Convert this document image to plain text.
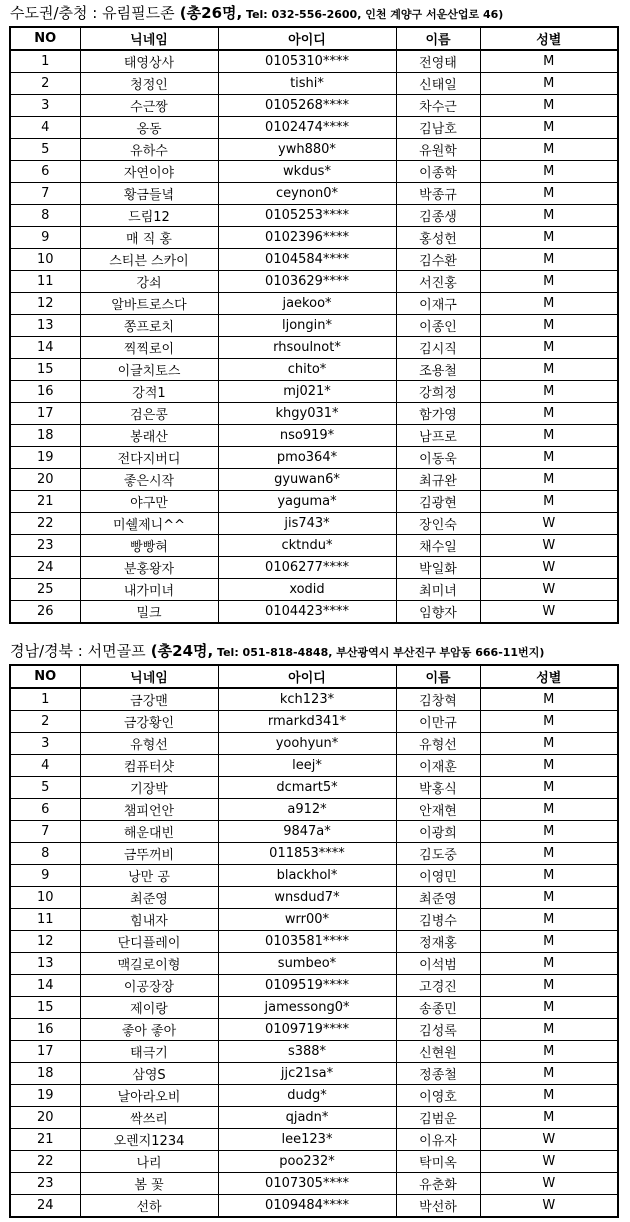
수도권/충청 : 유림필드존 (총26명, Tel: 032-556-2600, 인천 계양구 서운산업로 46)
NO	닉네임	아이디	이름	성별
1	태영상사	0105310****	전영태	M
2	청정인	tishi*	신태일	M
3	수근짱	0105268****	차수근	M
4	옹동	0102474****	김남호	M
5	유하수	ywh880*	유원학	M
6	자연이야	wkdus*	이종학	M
7	황금들녘	ceynon0*	박종규	M
8	드림12	0105253****	김종생	M
9	매 직 홍	0102396****	홍성헌	M
10	스티븐 스카이	0104584****	김수환	M
11	강쇠	0103629****	서진홍	M
12	알바트로스다	jaekoo*	이재구	M
13	쫑프로치	ljongin*	이종인	M
14	찍찍로이	rhsoulnot*	김시직	M
15	이글치토스	chito*	조용철	M
16	강적1	mj021*	강희정	M
17	검은콩	khgy031*	함가영	M
18	봉래산	nso919*	남프로	M
19	전다지버디	pmo364*	이동욱	M
20	좋은시작	gyuwan6*	최규완	M
21	야구만	yaguma*	김광현	M
22	미쉘제니^^	jis743*	장인숙	W
23	빵빵혀	cktndu*	채수일	W
24	분홍왕자	0106277****	박일화	W
25	내가미녀	xodid	최미녀	W
26	밀크	0104423****	임향자	W
경남/경북 : 서면골프 (총24명, Tel: 051-818-4848, 부산광역시 부산진구 부암동 666-11번지)
NO	닉네임	아이디	이름	성별
1	금강맨	kch123*	김창혁	M
2	금강황인	rmarkd341*	이만규	M
3	유형선	yoohyun*	유형선	M
4	컴퓨터샷	leej*	이재훈	M
5	기장박	dcmart5*	박홍식	M
6	챔피언안	a912*	안재현	M
7	해운대빈	9847a*	이광희	M
8	금뚜꺼비	011853****	김도중	M
9	낭만 공	blackhol*	이영민	M
10	최준영	wnsdud7*	최준영	M
11	힘내자	wrr00*	김병수	M
12	단디플레이	0103581****	정재홍	M
13	맥길로이형	sumbeo*	이석범	M
14	이공장장	0109519****	고경진	M
15	제이랑	jamessong0*	송종민	M
16	좋아 좋아	0109719****	김성록	M
17	태극기	s388*	신현원	M
18	삼영S	jjc21sa*	정종철	M
19	날아라오비	dudg*	이영호	M
20	싹쓰리	qjadn*	김범운	M
21	오렌지1234	lee123*	이유자	W
22	나리	poo232*	탁미옥	W
23	봄 꽃	0107305****	유춘화	W
24	선하	0109484****	박선하	W
